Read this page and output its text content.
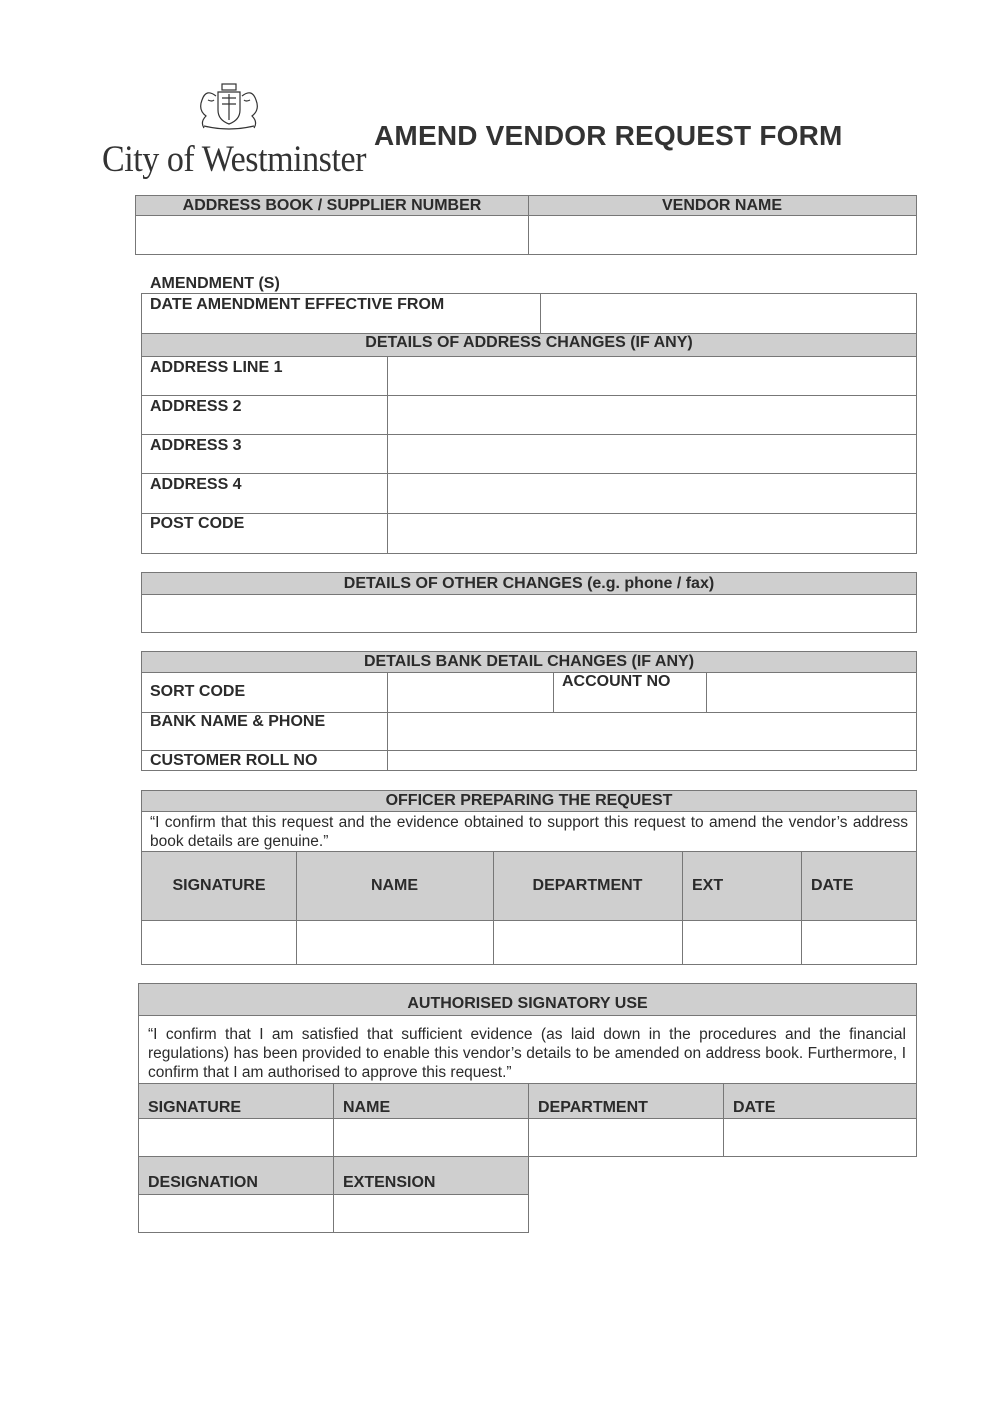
City of Westminster
AMEND VENDOR REQUEST FORM
ADDRESS BOOK / SUPPLIER NUMBER	VENDOR NAME
AMENDMENT (S)
DATE AMENDMENT EFFECTIVE FROM
DETAILS OF ADDRESS CHANGES (IF ANY)
ADDRESS LINE 1
ADDRESS 2
ADDRESS 3
ADDRESS 4
POST CODE
DETAILS OF OTHER CHANGES (e.g. phone / fax)
DETAILS BANK DETAIL CHANGES (IF ANY)
SORT CODE
ACCOUNT NO
BANK NAME & PHONE
CUSTOMER ROLL NO
OFFICER PREPARING THE REQUEST
“I confirm that this request and the evidence obtained to support this request to amend the vendor’s address book details are genuine.”
SIGNATURE	NAME	DEPARTMENT	EXT	DATE
AUTHORISED SIGNATORY USE
“I confirm that I am satisfied that sufficient evidence (as laid down in the procedures and the financial regulations) has been provided to enable this vendor’s details to be amended on address book. Furthermore, I confirm that I am authorised to approve this request.”
SIGNATURE	NAME	DEPARTMENT	DATE
DESIGNATION	EXTENSION
